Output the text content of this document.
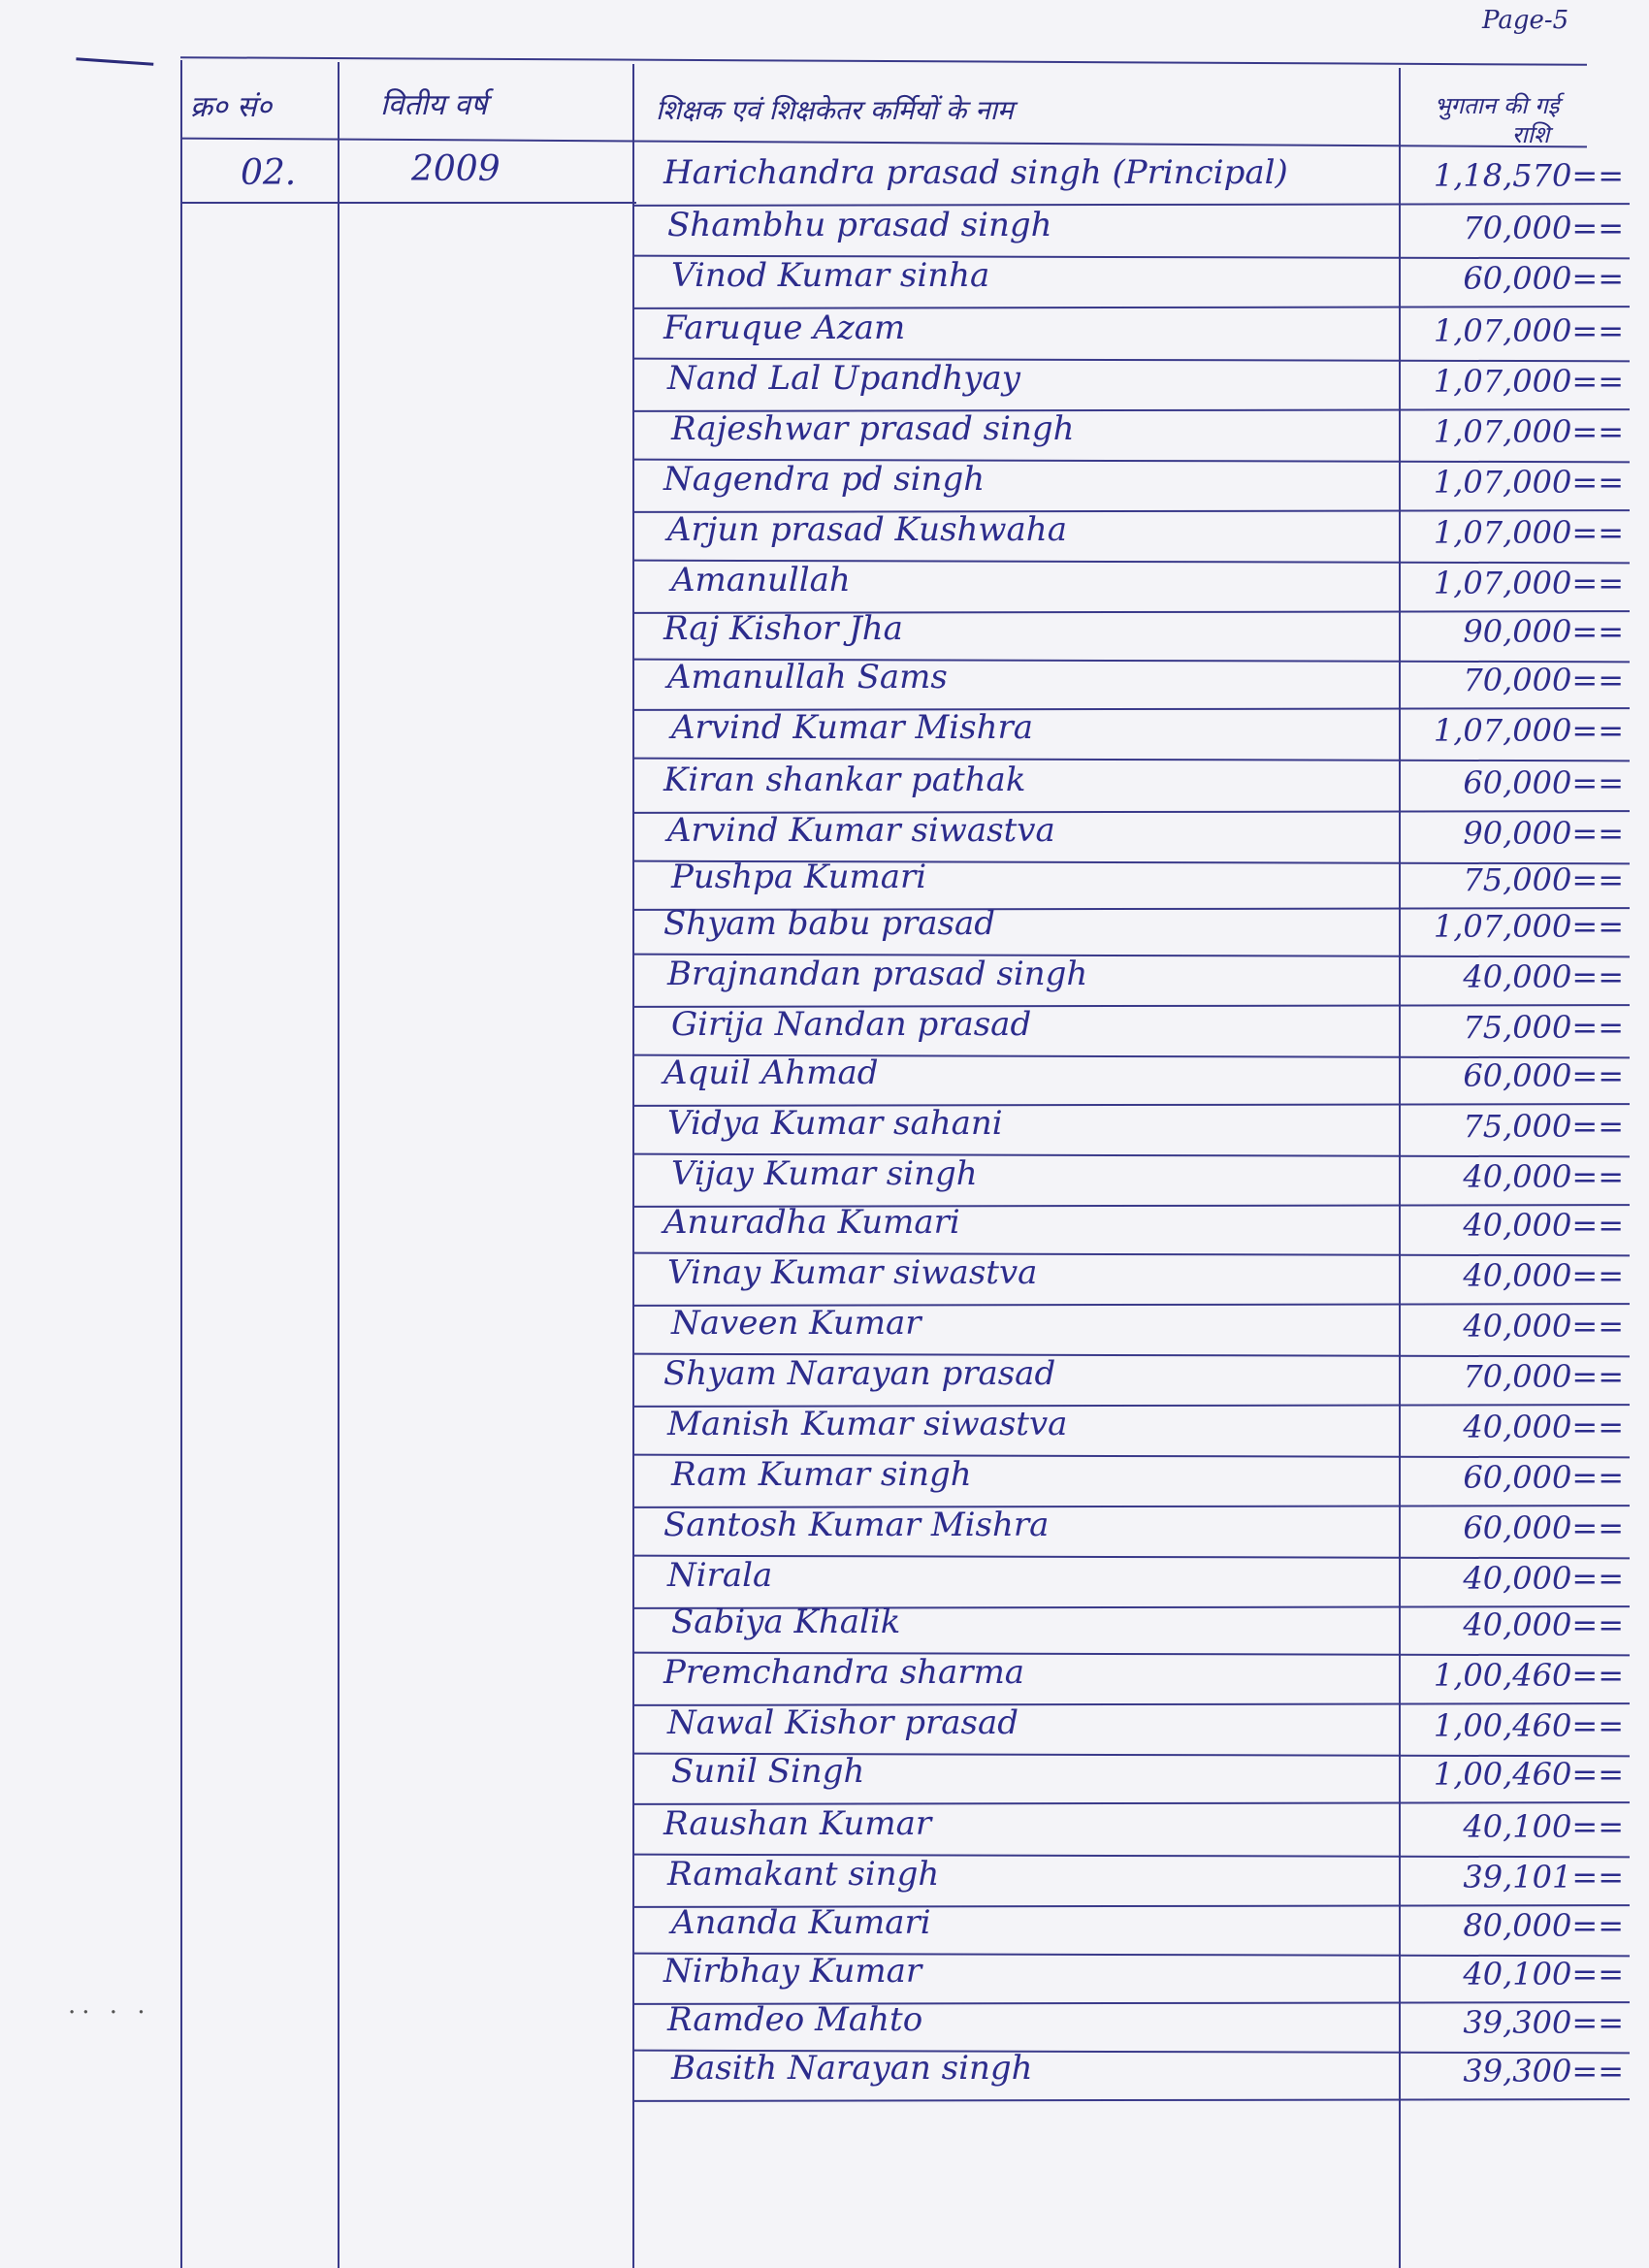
Page-5
·· · ·
क्र० सं०	वितीय वर्ष	शिक्षक एवं शिक्षकेतर कर्मियों के नाम	भुगतान की गई
राशि
02.	2009	Harichandra prasad singh (Principal)	1,18,570==
Shambhu prasad singh	70,000==
Vinod Kumar sinha	60,000==
Faruque Azam	1,07,000==
Nand Lal Upandhyay	1,07,000==
Rajeshwar prasad singh	1,07,000==
Nagendra pd singh	1,07,000==
Arjun prasad Kushwaha	1,07,000==
Amanullah	1,07,000==
Raj Kishor Jha	90,000==
Amanullah Sams	70,000==
Arvind Kumar Mishra	1,07,000==
Kiran shankar pathak	60,000==
Arvind Kumar siwastva	90,000==
Pushpa Kumari	75,000==
Shyam babu prasad	1,07,000==
Brajnandan prasad singh	40,000==
Girija Nandan prasad	75,000==
Aquil Ahmad	60,000==
Vidya Kumar sahani	75,000==
Vijay Kumar singh	40,000==
Anuradha Kumari	40,000==
Vinay Kumar siwastva	40,000==
Naveen Kumar	40,000==
Shyam Narayan prasad	70,000==
Manish Kumar siwastva	40,000==
Ram Kumar singh	60,000==
Santosh Kumar Mishra	60,000==
Nirala	40,000==
Sabiya Khalik	40,000==
Premchandra sharma	1,00,460==
Nawal Kishor prasad	1,00,460==
Sunil Singh	1,00,460==
Raushan Kumar	40,100==
Ramakant singh	39,101==
Ananda Kumari	80,000==
Nirbhay Kumar	40,100==
Ramdeo Mahto	39,300==
Basith Narayan singh	39,300==
